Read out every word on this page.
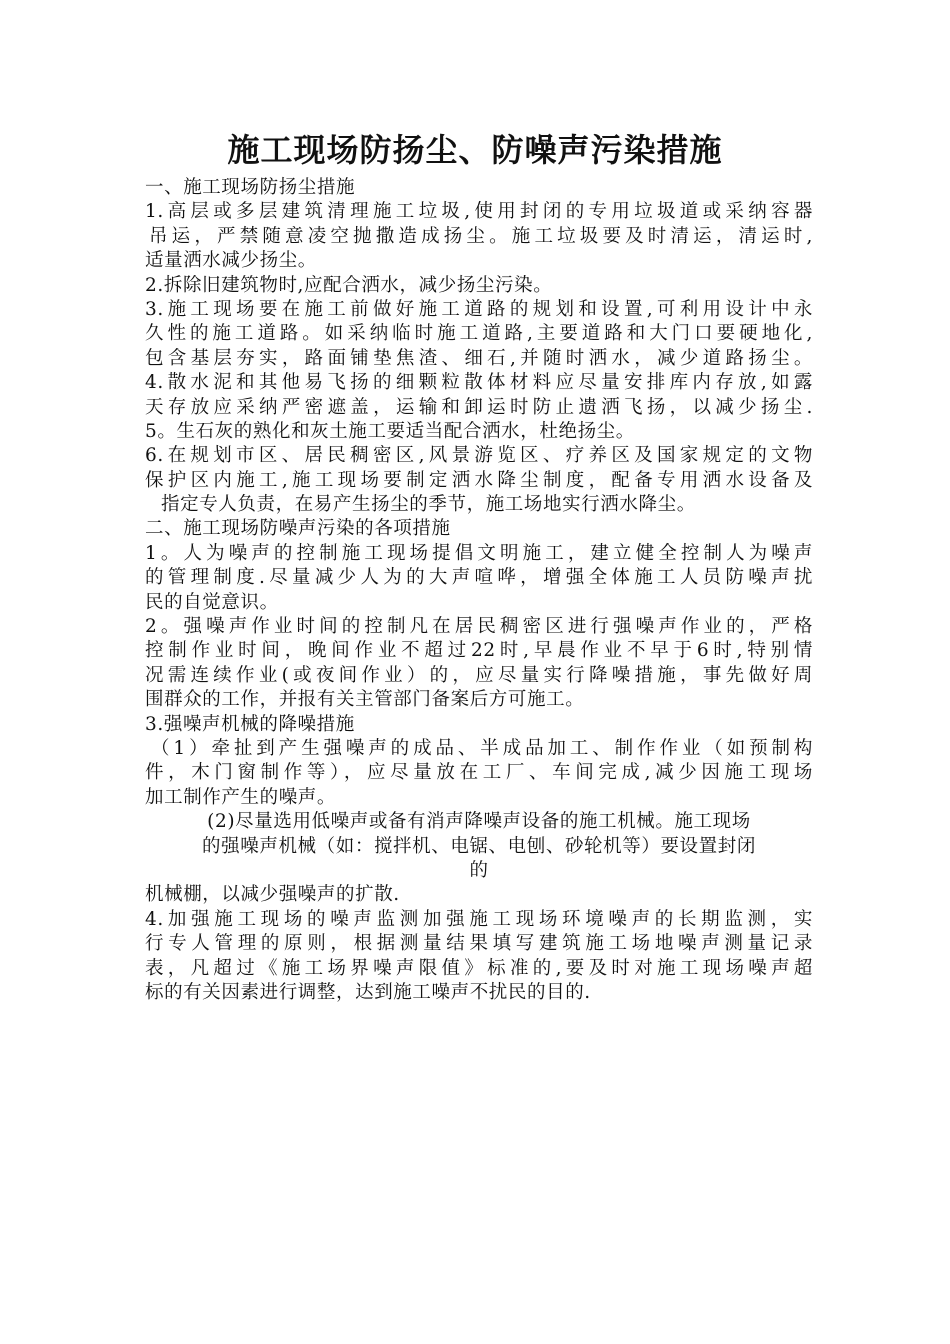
施工现场防扬尘、防噪声污染措施
一、施工现场防扬尘措施
1.高层或多层建筑清理施工垃圾,使用封闭的专用垃圾道或采纳容器
吊运，严禁随意凌空抛撒造成扬尘。施工垃圾要及时清运，清运时,
适量洒水减少扬尘。
2.拆除旧建筑物时,应配合洒水，减少扬尘污染。
3.施工现场要在施工前做好施工道路的规划和设置,可利用设计中永
久性的施工道路。如采纳临时施工道路,主要道路和大门口要硬地化,
包含基层夯实，路面铺垫焦渣、细石,并随时洒水，减少道路扬尘。
4.散水泥和其他易飞扬的细颗粒散体材料应尽量安排库内存放,如露
天存放应采纳严密遮盖，运输和卸运时防止遗洒飞扬，以减少扬尘.
5。生石灰的熟化和灰土施工要适当配合洒水，杜绝扬尘。
6.在规划市区、居民稠密区,风景游览区、疗养区及国家规定的文物
保护区内施工,施工现场要制定洒水降尘制度，配备专用洒水设备及
指定专人负责，在易产生扬尘的季节，施工场地实行洒水降尘。
二、施工现场防噪声污染的各项措施
1。人为噪声的控制施工现场提倡文明施工，建立健全控制人为噪声
的管理制度.尽量减少人为的大声喧哗，增强全体施工人员防噪声扰
民的自觉意识。
2。强噪声作业时间的控制凡在居民稠密区进行强噪声作业的，严格
控制作业时间，晚间作业不超过22时,早晨作业不早于6时,特别情
况需连续作业(或夜间作业）的，应尽量实行降噪措施，事先做好周
围群众的工作，并报有关主管部门备案后方可施工。
3.强噪声机械的降噪措施
（1）牵扯到产生强噪声的成品、半成品加工、制作作业（如预制构
件，木门窗制作等），应尽量放在工厂、车间完成,减少因施工现场
加工制作产生的噪声。
(2)尽量选用低噪声或备有消声降噪声设备的施工机械。施工现场
的强噪声机械（如：搅拌机、电锯、电刨、砂轮机等）要设置封闭
的
机械棚，以减少强噪声的扩散.
4.加强施工现场的噪声监测加强施工现场环境噪声的长期监测，实
行专人管理的原则，根据测量结果填写建筑施工场地噪声测量记录
表，凡超过《施工场界噪声限值》标准的,要及时对施工现场噪声超
标的有关因素进行调整，达到施工噪声不扰民的目的.
